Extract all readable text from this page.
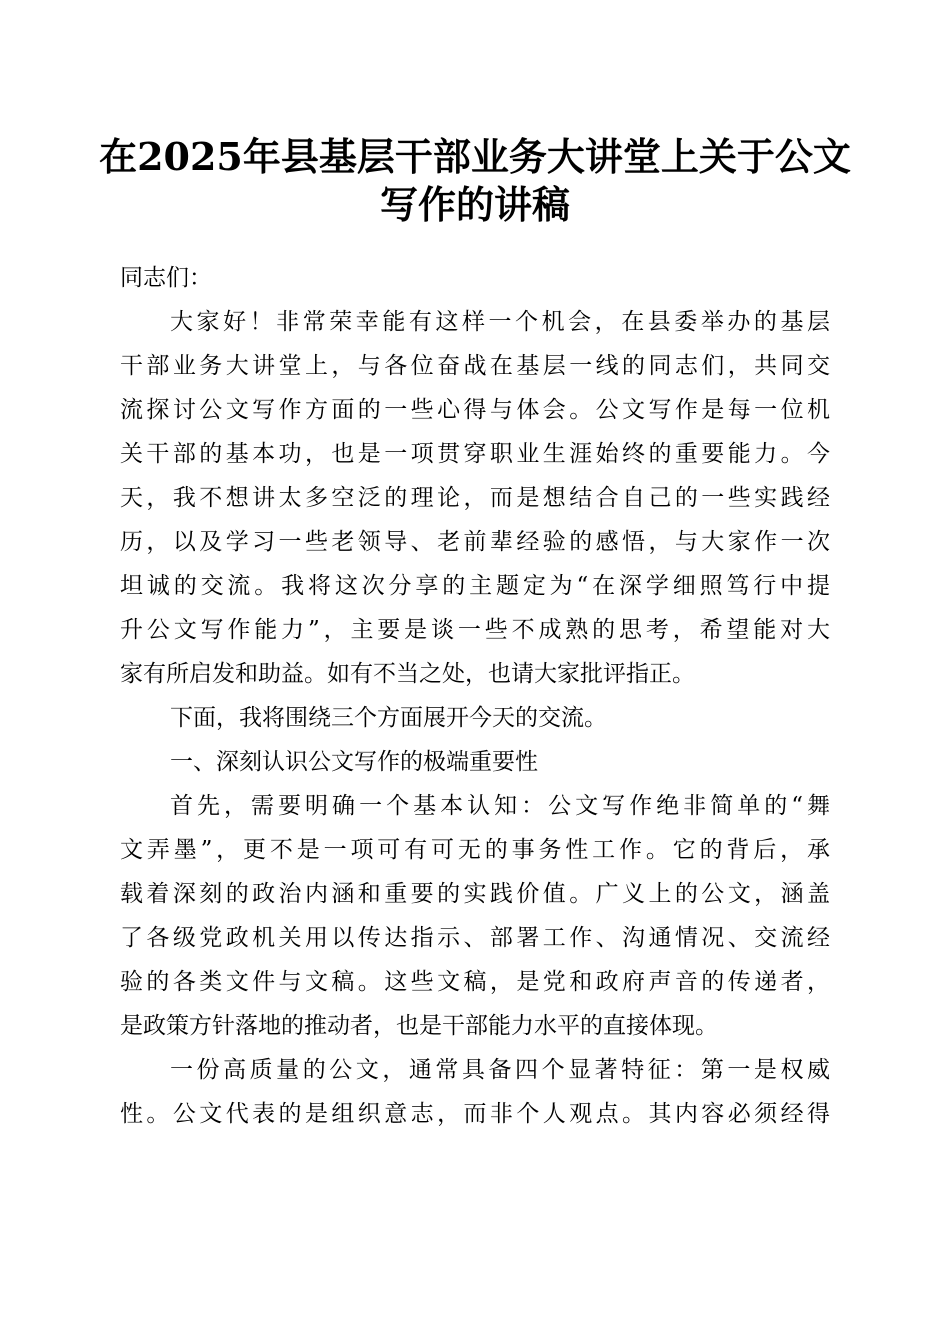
在2025年县基层干部业务大讲堂上关于公文
写作的讲稿
同志们：
大家好！非常荣幸能有这样一个机会，在县委举办的基层
干部业务大讲堂上，与各位奋战在基层一线的同志们，共同交
流探讨公文写作方面的一些心得与体会。公文写作是每一位机
关干部的基本功，也是一项贯穿职业生涯始终的重要能力。今
天，我不想讲太多空泛的理论，而是想结合自己的一些实践经
历，以及学习一些老领导、老前辈经验的感悟，与大家作一次
坦诚的交流。我将这次分享的主题定为“在深学细照笃行中提
升公文写作能力”，主要是谈一些不成熟的思考，希望能对大
家有所启发和助益。如有不当之处，也请大家批评指正。
下面，我将围绕三个方面展开今天的交流。
一、深刻认识公文写作的极端重要性
首先，需要明确一个基本认知：公文写作绝非简单的“舞
文弄墨”，更不是一项可有可无的事务性工作。它的背后，承
载着深刻的政治内涵和重要的实践价值。广义上的公文，涵盖
了各级党政机关用以传达指示、部署工作、沟通情况、交流经
验的各类文件与文稿。这些文稿，是党和政府声音的传递者，
是政策方针落地的推动者，也是干部能力水平的直接体现。
一份高质量的公文，通常具备四个显著特征：第一是权威
性。公文代表的是组织意志，而非个人观点。其内容必须经得
